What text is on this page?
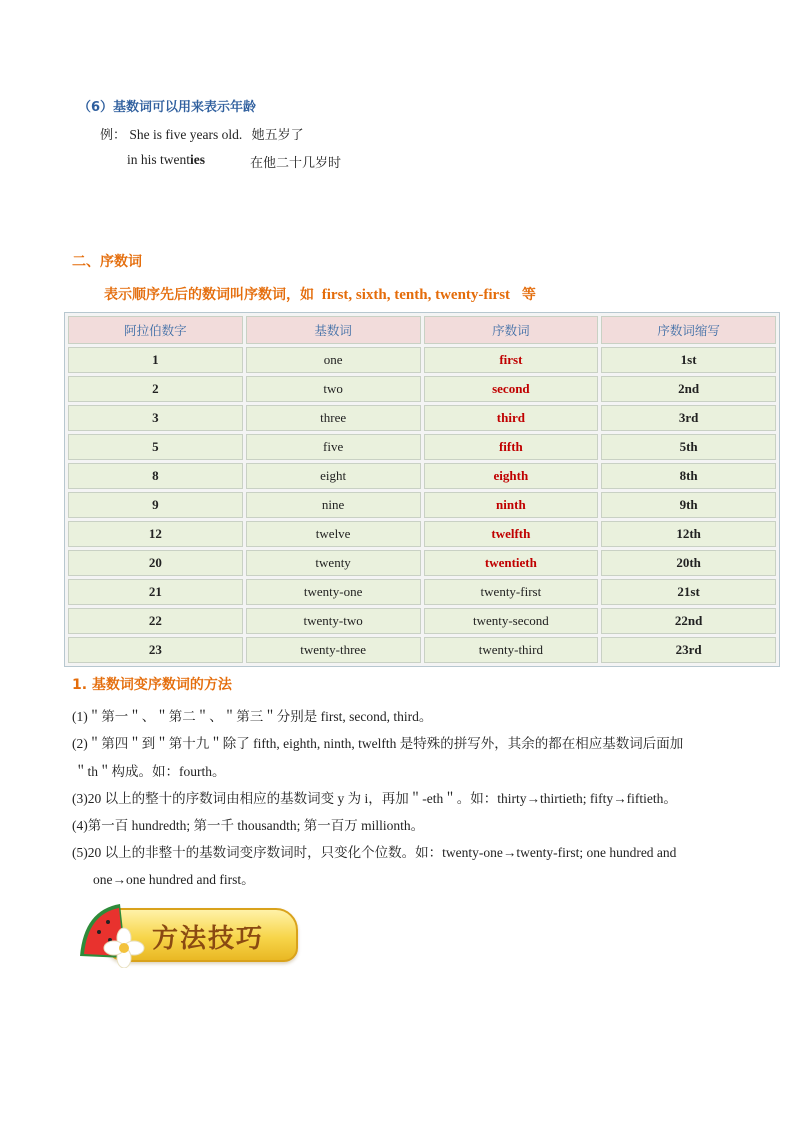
（6）基数词可以用来表示年龄
例： She is five years old. 她五岁了
in his twenties	在他二十几岁时
二、序数词
表示顺序先后的数词叫序数词，如 first, sixth, tenth, twenty-first 等
阿拉伯数字	基数词	序数词	序数词缩写
1	one	first	1st
2	two	second	2nd
3	three	third	3rd
5	five	fifth	5th
8	eight	eighth	8th
9	nine	ninth	9th
12	twelve	twelfth	12th
20	twenty	twentieth	20th
21	twenty-one	twenty-first	21st
22	twenty-two	twenty-second	22nd
23	twenty-three	twenty-third	23rd
1. 基数词变序数词的方法
(1)＂第一＂、＂第二＂、＂第三＂分别是 first, second, third。
(2)＂第四＂到＂第十九＂除了 fifth, eighth, ninth, twelfth 是特殊的拼写外，其余的都在相应基数词后面加
＂th＂构成。如：fourth。
(3)20 以上的整十的序数词由相应的基数词变 y 为 i，再加＂-eth＂。如：thirty→thirtieth; fifty→fiftieth。
(4)第一百 hundredth; 第一千 thousandth; 第一百万 millionth。
(5)20 以上的非整十的基数词变序数词时，只变化个位数。如：twenty-one→twenty-first; one hundred and
one→one hundred and first。
方法技巧
